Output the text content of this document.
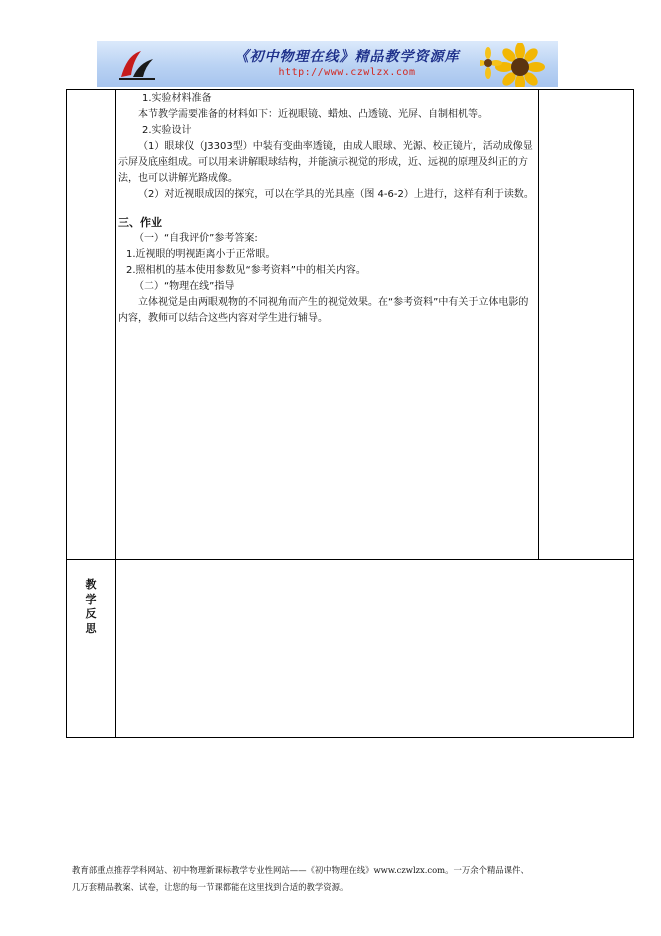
《初中物理在线》精品教学资源库
http://www.czwlzx.com

1.实验材料准备

本节教学需要准备的材料如下：近视眼镜、蜡烛、凸透镜、光屏、自制相机等。

2.实验设计

（1）眼球仪（J3303型）中装有变曲率透镜，由成人眼球、光源、校正镜片，活动成像显示屏及底座组成。可以用来讲解眼球结构，并能演示视觉的形成，近、远视的原理及纠正的方法，也可以讲解光路成像。

（2）对近视眼成因的探究，可以在学具的光具座（图 4-6-2）上进行，这样有利于读数。

三、作业

（一）“自我评价”参考答案:

1.近视眼的明视距离小于正常眼。

2.照相机的基本使用参数见“参考资料”中的相关内容。

（二）“物理在线”指导

立体视觉是由两眼观物的不同视角而产生的视觉效果。在“参考资料”中有关于立体电影的内容，教师可以结合这些内容对学生进行辅导。

教
学
反
思

教育部重点推荐学科网站、初中物理新课标教学专业性网站——《初中物理在线》www.czwlzx.com。一万余个精品课件、

几万套精品教案、试卷，让您的每一节课都能在这里找到合适的教学资源。
